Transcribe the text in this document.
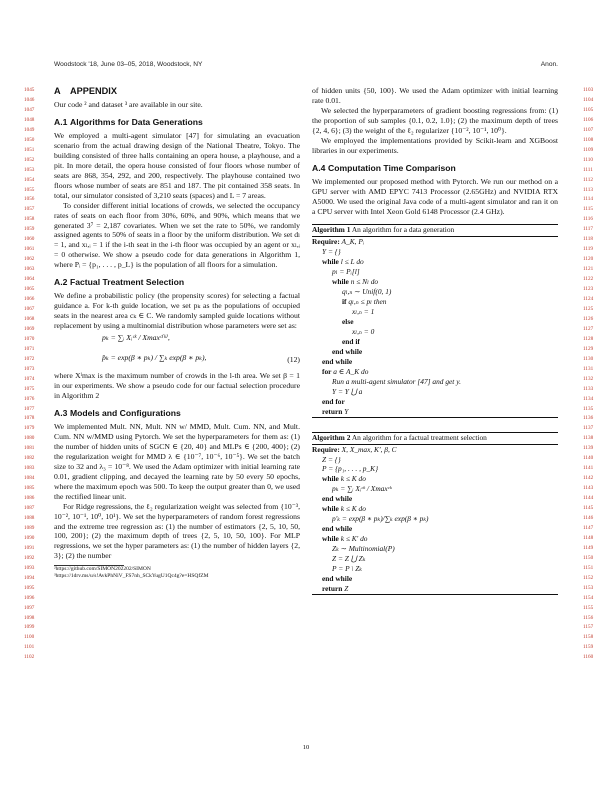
Woodstock '18, June 03–05, 2018, Woodstock, NY	Anon.
1045
1046
1047
1048
1049
1050
1051
1052
1053
1054
1055
1056
1057
1058
1059
1060
1061
1062
1063
1064
1065
1066
1067
1068
1069
1070
1071
1072
1073
1074
1075
1076
1077
1078
1079
1080
1081
1082
1083
1084
1085
1086
1087
1088
1089
1090
1091
1092
1093
1094
1095
1096
1097
1098
1099
1100
1101
1102
1103
1104
1105
1106
1107
1108
1109
1110
1111
1112
1113
1114
1115
1116
1117
1118
1119
1120
1121
1122
1123
1124
1125
1126
1127
1128
1129
1130
1131
1132
1133
1134
1135
1136
1137
1138
1139
1140
1141
1142
1143
1144
1145
1146
1147
1148
1149
1150
1151
1152
1153
1154
1155
1156
1157
1158
1159
1160
A APPENDIX

Our code ² and dataset ³ are available in our site.

A.1 Algorithms for Data Generations

We employed a multi-agent simulator [47] for simulating an evacuation scenario from the actual drawing design of the National Theatre, Tokyo. The building consisted of three halls containing an opera house, a playhouse, and a pit. In more detail, the opera house consisted of four floors whose number of seats are 868, 354, 292, and 200, respectively. The playhouse contained two floors whose number of seats are 851 and 187. The pit contained 358 seats. In total, our simulator consisted of 3,210 seats (spaces) and L = 7 areas.

To consider different initial locations of crowds, we selected the occupancy rates of seats on each floor from 30%, 60%, and 90%, which means that we generated 3⁷ = 2,187 covariates. When we set the rate to 50%, we randomly assigned agents to 50% of seats in a floor by the uniform distribution. We set dₗ = 1, and xₗ,ᵢ = 1 if the i-th seat in the i-th floor was occupied by an agent or xₗ,ᵢ = 0 otherwise. We show a pseudo code for data generations in Algorithm 1, where Pᵢ = {p₁, . . . , p_L} is the population of all floors for a simulation.

A.2 Factual Treatment Selection

We define a probabilistic policy (the propensity scores) for selecting a factual guidance a. For k-th guide location, we set pₖ as the populations of occupied seats in the nearest area cₖ ∈ C. We randomly sampled guide locations without replacement by using a multinomial distribution whose parameters were set as:

pₖ = ∑ᵢ Xᵢᶜᵏ / Xmaxᶜ⁽ᵏ⁾,
p̂ₖ = exp(β ∗ pₖ) / ∑ₖ exp(β ∗ pₖ),	(12)

where Xˡmax is the maximum number of crowds in the l-th area. We set β = 1 in our experiments. We show a pseudo code for our factual selection procedure in Algorithm 2

A.3 Models and Configurations

We implemented Mult. NN, Mult. NN w/ MMD, Mult. Cum. NN, and Mult. Cum. NN w/MMD using Pytorch. We set the hyperparameters for them as: (1) the number of hidden units of SGCN ∈ {20, 40} and MLPs ∈ {200, 400}; (2) the regularization weight for MMD λ ∈ {10⁻⁷, 10⁻⁶, 10⁻⁵}. We set the batch size to 32 and λ₃ = 10⁻⁸. We used the Adam optimizer with initial learning rate 0.01, gradient clipping, and decayed the learning rate by 50 every 50 epochs, where the maximum epoch was 500. To keep the output greater than 0, we used the rectified linear unit.

For Ridge regressions, the ℓ₂ regularization weight was selected from {10⁻³, 10⁻², 10⁻¹, 10⁰, 10¹}. We set the hyperparameters of random forest regressions and the extreme tree regression as: (1) the number of estimators {2, 5, 10, 50, 100, 200}; (2) the maximum depth of trees {2, 5, 10, 50, 100}. For MLP regressions, we set the hyper parameters as: (1) the number of hidden layers {2, 3}; (2) the number

²https://github.com/SIMON202202/SIMON
³https://1drv.ms/u/s!AvkPhNiV_FS7nh_SCkYugU1Qc4g?e=HSQfZM

of hidden units {50, 100}. We used the Adam optimizer with initial learning rate 0.01.

We selected the hyperparameters of gradient boosting regressions from: (1) the proportion of sub samples {0.1, 0.2, 1.0}; (2) the maximum depth of trees {2, 4, 6}; (3) the weight of the ℓ₂ regularizer {10⁻², 10⁻¹, 10⁰}.

We employed the implementations provided by Scikit-learn and XGBoost libraries in our experiments.

A.4 Computation Time Comparison

We implemented our proposed method with Pytorch. We run our method on a GPU server with AMD EPYC 7413 Processor (2.65GHz) and NVIDIA RTX A5000. We used the original Java code of a multi-agent simulator and ran it on a CPU server with Intel Xeon Gold 6148 Processor (2.4 GHz).

Algorithm 1 An algorithm for a data generation
Require: A_K, Pᵢ
Y = {}
while l ≤ L do
pₗ = Pᵢ[l]
while n ≤ Nₗ do
qₗ,ₙ ∼ Unif(0, 1)
if qₗ,ₙ ≤ pₗ then
xₗ,ₙ = 1
else
xₗ,ₙ = 0
end if
end while
end while
for a ∈ A_K do
Run a multi-agent simulator [47] and get y.
Y = Y ⋃ a
end for
return Y
Algorithm 2 An algorithm for a factual treatment selection
Require: X, X_max, K′, β, C
Z = {}
P = {p₁, . . . , p_K}
while k ≤ K do
pₖ = ∑ᵢ Xᵢᶜᵏ / Xmaxᶜᵏ
end while
while k ≤ K do
p′ₖ = exp(β ∗ pₖ)/∑ₖ exp(β ∗ pₖ)
end while
while k ≤ K′ do
Zₖ ∼ Multinomial(P)
Z = Z ⋃ Zₖ
P = P \ Zₖ
end while
return Z
10
